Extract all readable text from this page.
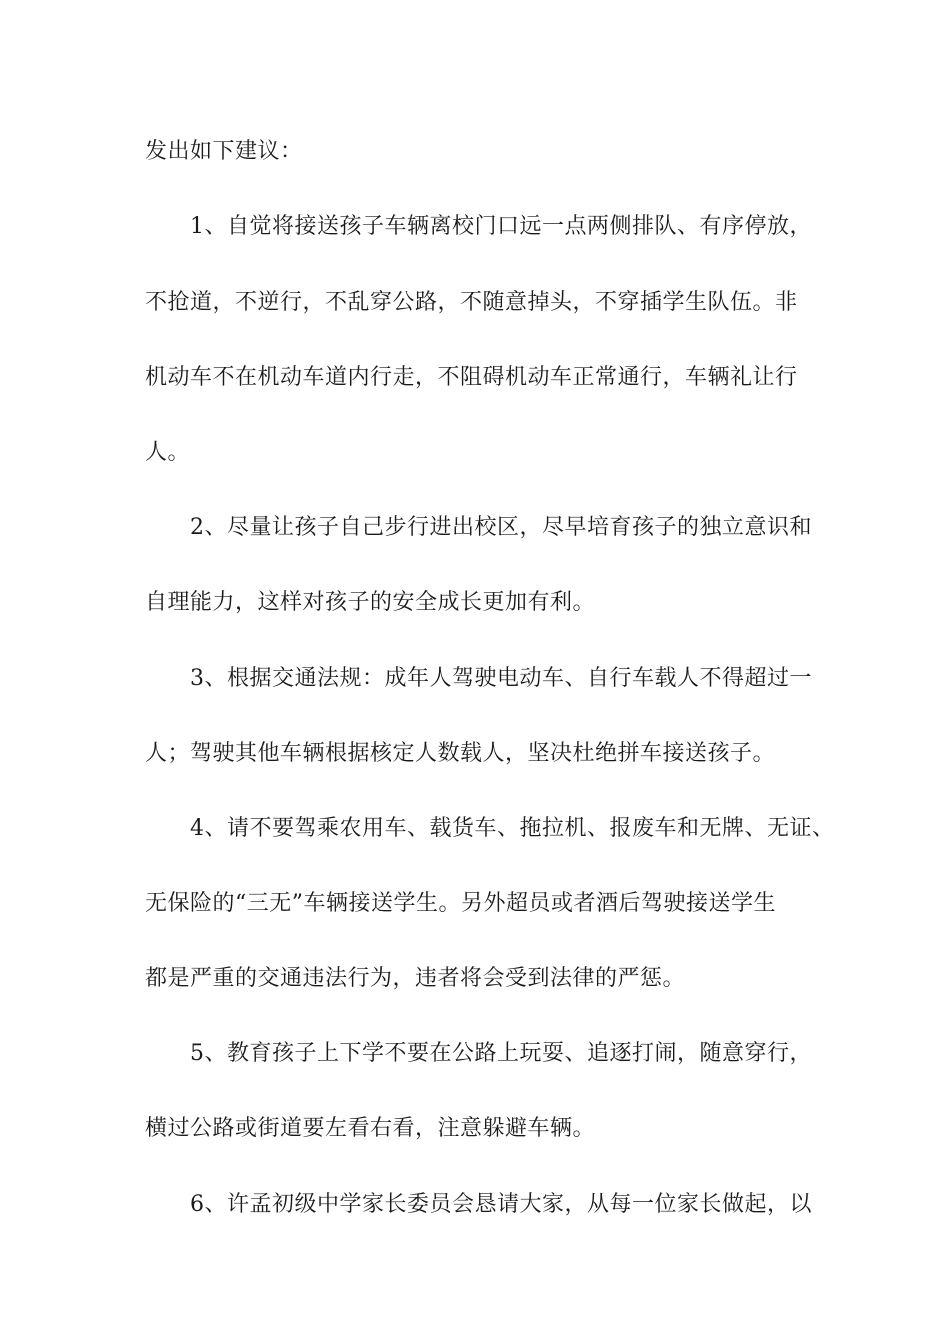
发出如下建议：
1、自觉将接送孩子车辆离校门口远一点两侧排队、有序停放，
不抢道，不逆行，不乱穿公路，不随意掉头，不穿插学生队伍。非
机动车不在机动车道内行走，不阻碍机动车正常通行，车辆礼让行
人。
2、尽量让孩子自己步行进出校区，尽早培育孩子的独立意识和
自理能力，这样对孩子的安全成长更加有利。
3、根据交通法规：成年人驾驶电动车、自行车载人不得超过一
人；驾驶其他车辆根据核定人数载人，坚决杜绝拼车接送孩子。
4、请不要驾乘农用车、载货车、拖拉机、报废车和无牌、无证、
无保险的“三无”车辆接送学生。另外超员或者酒后驾驶接送学生
都是严重的交通违法行为，违者将会受到法律的严惩。
5、教育孩子上下学不要在公路上玩耍、追逐打闹，随意穿行，
横过公路或街道要左看右看，注意躲避车辆。
6、许孟初级中学家长委员会恳请大家，从每一位家长做起，以
